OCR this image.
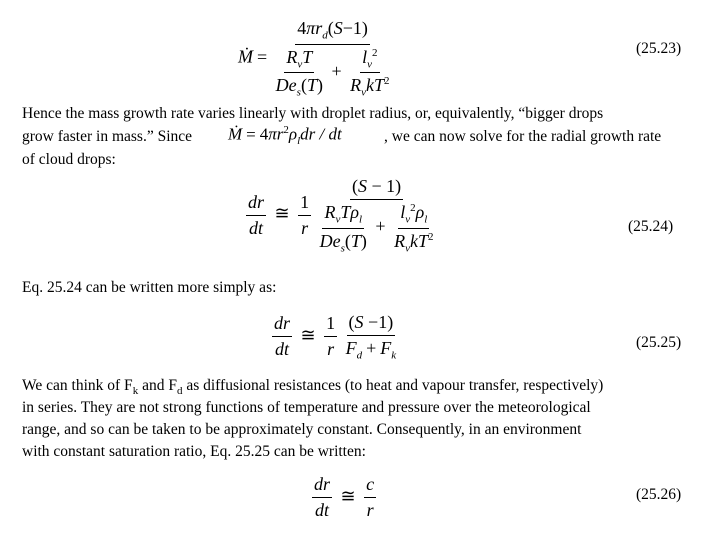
Ṁ = $\frac{4\pi r_d(S-1)}{\frac{R_vT}{De_s(T)} + \frac{l_v^2}{R_vkT^2}}$	(25.23)
Hence the mass growth rate varies linearly with droplet radius, or, equivalently, “bigger drops
grow faster in mass.” Since Ṁ = $4\pi r^2\rho_ldr$ / dt	, we can now solve for the radial growth rate
of cloud drops:
$\frac{dr}{dt}$ ≅ $\frac{1}{r}$
$\frac{(S - 1)}{\frac{R_vT\rho_l}{De_s(T)} + \frac{l_v^2\rho_l}{R_vkT^2}}$	(25.24)
Eq. 25.24 can be written more simply as:
$\frac{dr}{dt}$ ≅ $\frac{1}{r}$
$\frac{(S -1)}{F_d + F_k}$	(25.25)
We can think of $F_k$ and $F_d$ as diffusional resistances (to heat and vapour transfer, respectively)
in series. They are not strong functions of temperature and pressure over the meteorological
range, and so can be taken to be approximately constant. Consequently, in an environment
with constant saturation ratio, Eq. 25.25 can be written:
$\frac{dr}{dt}$ ≅ $\frac{c}{r}$	(25.26)
